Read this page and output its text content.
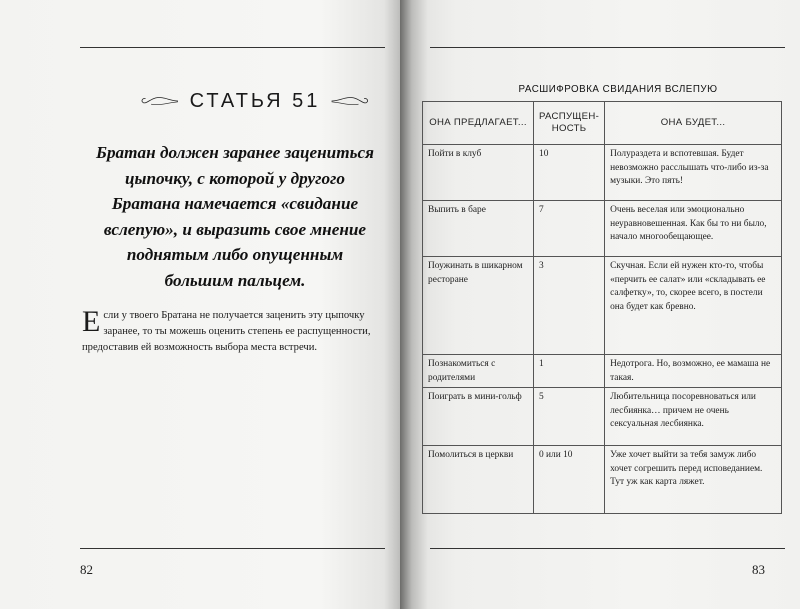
СТАТЬЯ 51
Братан должен заранее зацениться цыпочку, с которой у другого Братана намечается «свидание вслепую», и выразить свое мнение поднятым либо опущенным большим пальцем.
Если у твоего Братана не получается заценить эту цыпочку заранее, то ты можешь оценить степень ее распущенности, предоставив ей возможность выбора места встречи.
82
РАСШИФРОВКА СВИДАНИЯ ВСЛЕПУЮ
ОНА ПРЕДЛАГАЕТ...	РАСПУЩЕН-НОСТЬ	ОНА БУДЕТ...
Пойти в клуб	10	Полураздета и вспотевшая. Будет невозможно расслышать что-либо из-за музыки. Это пять!
Выпить в баре	7	Очень веселая или эмоционально неуравновешенная. Как бы то ни было, начало многообещающее.
Поужинать в шикарном ресторане	3	Скучная. Если ей нужен кто-то, чтобы «перчить ее салат» или «складывать ее салфетку», то, скорее всего, в постели она будет как бревно.
Познакомиться с родителями	1	Недотрога. Но, возможно, ее мамаша не такая.
Поиграть в мини-гольф	5	Любительница посоревноваться или лесбиянка… причем не очень сексуальная лесбиянка.
Помолиться в церкви	0 или 10	Уже хочет выйти за тебя замуж либо хочет согрешить перед исповеданием. Тут уж как карта ляжет.
83
